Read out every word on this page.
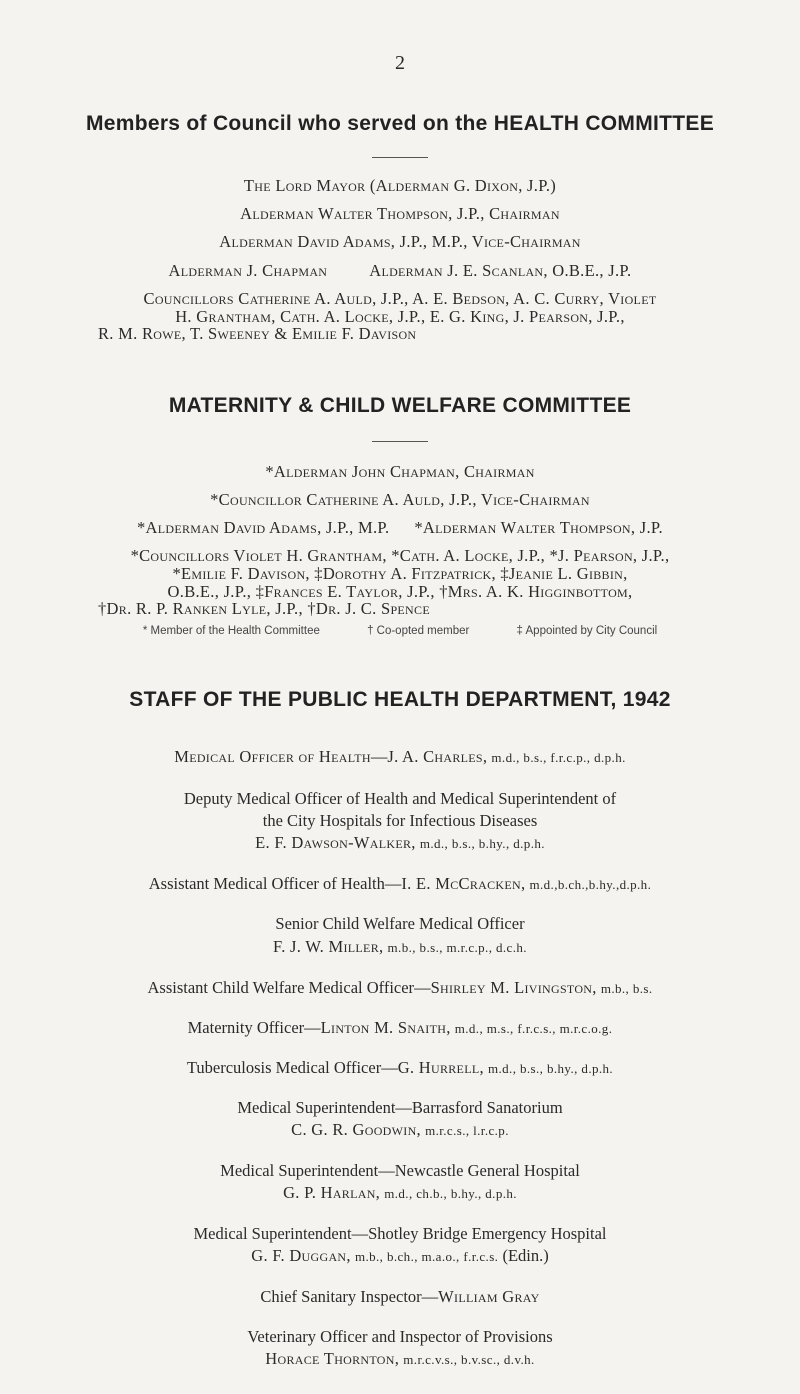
2
Members of Council who served on the HEALTH COMMITTEE
The Lord Mayor (Alderman G. Dixon, J.P.)
Alderman Walter Thompson, J.P., Chairman
Alderman David Adams, J.P., M.P., Vice-Chairman
Alderman J. Chapman	Alderman J. E. Scanlan, O.B.E., J.P.
Councillors Catherine A. Auld, J.P., A. E. Bedson, A. C. Curry, Violet
H. Grantham, Cath. A. Locke, J.P., E. G. King, J. Pearson, J.P.,
R. M. Rowe, T. Sweeney & Emilie F. Davison
MATERNITY & CHILD WELFARE COMMITTEE
*Alderman John Chapman, Chairman
*Councillor Catherine A. Auld, J.P., Vice-Chairman
*Alderman David Adams, J.P., M.P. *Alderman Walter Thompson, J.P.
*Councillors Violet H. Grantham, *Cath. A. Locke, J.P., *J. Pearson, J.P.,
*Emilie F. Davison, ‡Dorothy A. Fitzpatrick, ‡Jeanie L. Gibbin,
O.B.E., J.P., ‡Frances E. Taylor, J.P., †Mrs. A. K. Higginbottom,
†Dr. R. P. Ranken Lyle, J.P., †Dr. J. C. Spence
* Member of the Health Committee	† Co-opted member	‡ Appointed by City Council
STAFF OF THE PUBLIC HEALTH DEPARTMENT, 1942
Medical Officer of Health—J. A. Charles, m.d., b.s., f.r.c.p., d.p.h.
Deputy Medical Officer of Health and Medical Superintendent of
the City Hospitals for Infectious Diseases
E. F. Dawson-Walker, m.d., b.s., b.hy., d.p.h.
Assistant Medical Officer of Health—I. E. McCracken, m.d.,b.ch.,b.hy.,d.p.h.
Senior Child Welfare Medical Officer
F. J. W. Miller, m.b., b.s., m.r.c.p., d.c.h.
Assistant Child Welfare Medical Officer—Shirley M. Livingston, m.b., b.s.
Maternity Officer—Linton M. Snaith, m.d., m.s., f.r.c.s., m.r.c.o.g.
Tuberculosis Medical Officer—G. Hurrell, m.d., b.s., b.hy., d.p.h.
Medical Superintendent—Barrasford Sanatorium
C. G. R. Goodwin, m.r.c.s., l.r.c.p.
Medical Superintendent—Newcastle General Hospital
G. P. Harlan, m.d., ch.b., b.hy., d.p.h.
Medical Superintendent—Shotley Bridge Emergency Hospital
G. F. Duggan, m.b., b.ch., m.a.o., f.r.c.s. (Edin.)
Chief Sanitary Inspector—William Gray
Veterinary Officer and Inspector of Provisions
Horace Thornton, m.r.c.v.s., b.v.sc., d.v.h.
